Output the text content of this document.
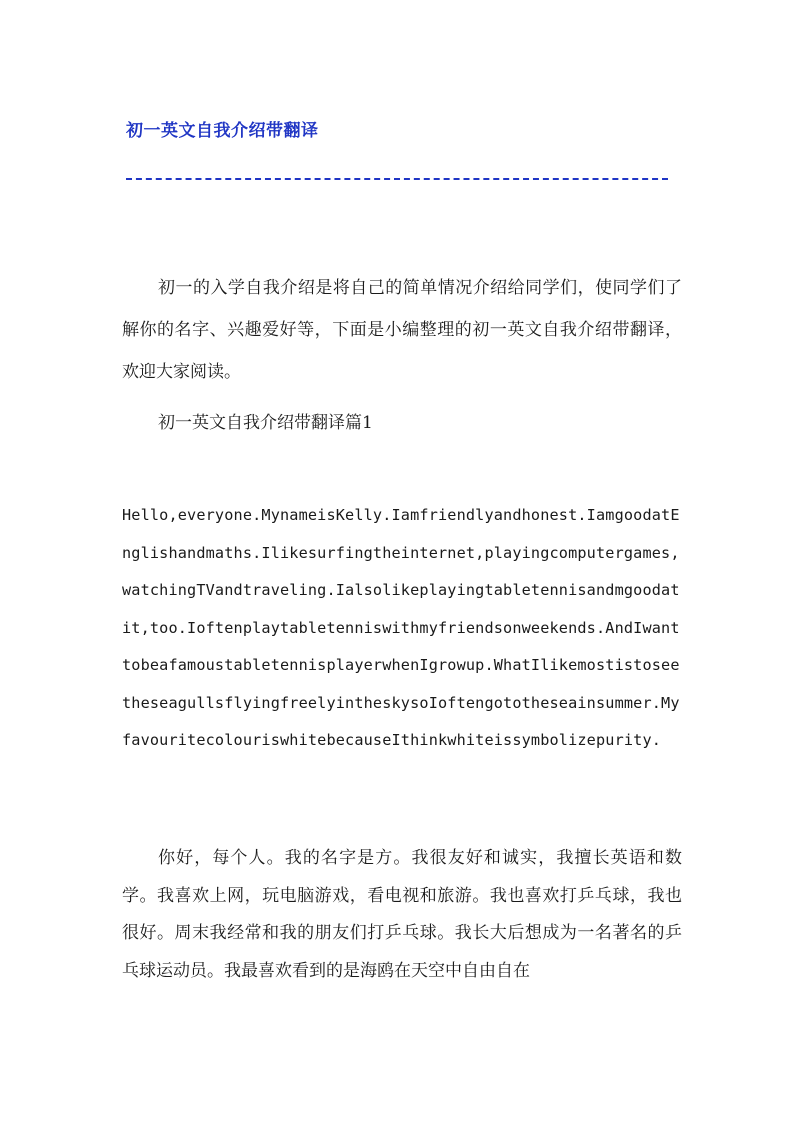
初一英文自我介绍带翻译

初一的入学自我介绍是将自己的简单情况介绍给同学们，使同学们了解你的名字、兴趣爱好等，下面是小编整理的初一英文自我介绍带翻译，欢迎大家阅读。

初一英文自我介绍带翻译篇1

Hello,everyone.MynameisKelly.Iamfriendlyandhonest.IamgoodatEnglishandmaths.Ilikesurfingtheinternet,playingcomputergames,watchingTVandtraveling.Ialsolikeplayingtabletennisandmgoodatit,too.Ioftenplaytabletenniswithmyfriendsonweekends.AndIwanttobeafamoustabletennisplayerwhenIgrowup.WhatIlikemostistoseetheseagullsflyingfreelyintheskysoIoftengototheseainsummer.MyfavouritecolouriswhitebecauseIthinkwhiteissymbolizepurity.

你好，每个人。我的名字是方。我很友好和诚实，我擅长英语和数学。我喜欢上网，玩电脑游戏，看电视和旅游。我也喜欢打乒乓球，我也很好。周末我经常和我的朋友们打乒乓球。我长大后想成为一名著名的乒乓球运动员。我最喜欢看到的是海鸥在天空中自由自在
